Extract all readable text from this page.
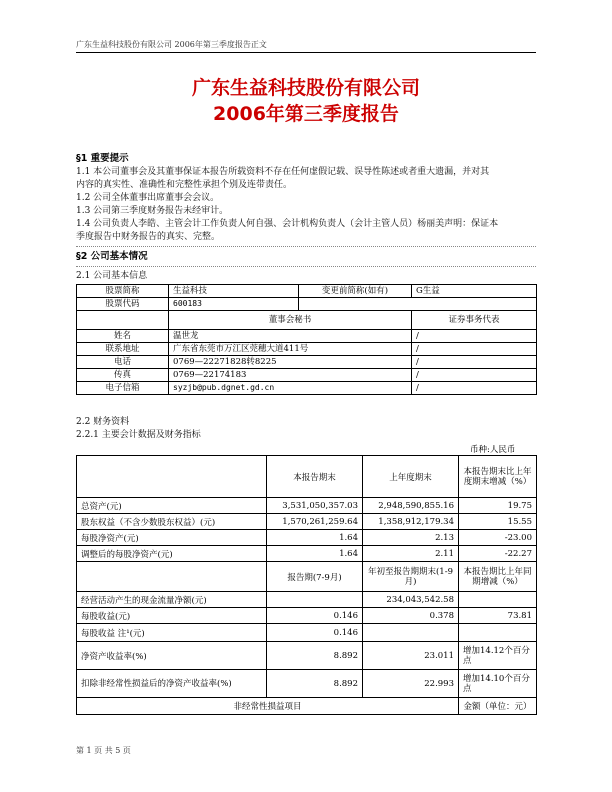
广东生益科技股份有限公司 2006年第三季度报告正文
广东生益科技股份有限公司
2006年第三季度报告
§1 重要提示
1.1 本公司董事会及其董事保证本报告所载资料不存在任何虚假记载、误导性陈述或者重大遗漏，并对其
内容的真实性、准确性和完整性承担个别及连带责任。
1.2 公司全体董事出席董事会会议。
1.3 公司第三季度财务报告未经审计。
1.4 公司负责人李皓、主管会计工作负责人何自强、会计机构负责人（会计主管人员）杨丽美声明：保证本
季度报告中财务报告的真实、完整。
§2 公司基本情况
2.1 公司基本信息
股票简称	生益科技	变更前简称(如有)	G生益
股票代码	600183		
	董事会秘书		证券事务代表
姓名	温世龙		/
联系地址	广东省东莞市万江区莞穗大道411号		/
电话	0769—22271828转8225		/
传真	0769—22174183		/
电子信箱	syzjb@pub.dgnet.gd.cn		/
2.2 财务资料
2.2.1 主要会计数据及财务指标
币种:人民币
	本报告期末	上年度期末	本报告期末比上年度期末增减（%）
总资产(元)	3,531,050,357.03	2,948,590,855.16	19.75
股东权益（不含少数股东权益）(元)	1,570,261,259.64	1,358,912,179.34	15.55
每股净资产(元)	1.64	2.13	-23.00
调整后的每股净资产(元)	1.64	2.11	-22.27
	报告期(7-9月)	年初至报告期期末(1-9月)	本报告期比上年同期增减（%）
经营活动产生的现金流量净额(元)		234,043,542.58	
每股收益(元)	0.146	0.378	73.81
每股收益 注¹(元)	0.146		
净资产收益率(%)	8.892	23.011	增加14.12个百分点
扣除非经常性损益后的净资产收益率(%)	8.892	22.993	增加14.10个百分点
非经常性损益项目			金额（单位：元）
第 1 页 共 5 页
